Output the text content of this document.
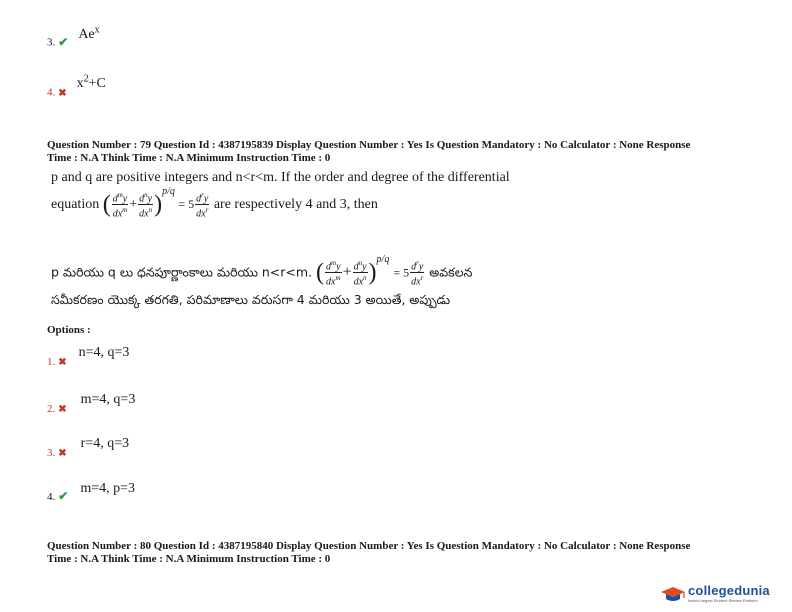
3. ✔ Ae$^x$
4. ✖ $x^2+C$
Question Number : 79 Question Id : 4387195839 Display Question Number : Yes Is Question Mandatory : No Calculator : None Response
Time : N.A Think Time : N.A Minimum Instruction Time : 0
p and q are positive integers and n<r<m. If the order and degree of the differential
equation ( $\frac{d^my}{dx^m} + \frac{d^ny}{dx^n} )^{p/q} = 5 \frac{d^ry}{dx^r}$ are respectively 4 and 3, then
p మరియు q లు ధనపూర్ణాంకాలు మరియు n<r<m. ( $\frac{d^my}{dx^m} + \frac{d^ny}{dx^n} )^{p/q} = 5 \frac{d^ry}{dx^r}$ అవకలన
సమీకరణం యొక్క తరగతి, పరిమాణాలు వరుసగా 4 మరియు 3 అయితే, అప్పుడు
Options :
1. ✖ n=4, q=3
2. ✖ m=4, q=3
3. ✖ r=4, q=3
4. ✔ m=4, p=3
Question Number : 80 Question Id : 4387195840 Display Question Number : Yes Is Question Mandatory : No Calculator : None Response
Time : N.A Think Time : N.A Minimum Instruction Time : 0
collegedunia
India's largest Student Review Platform
